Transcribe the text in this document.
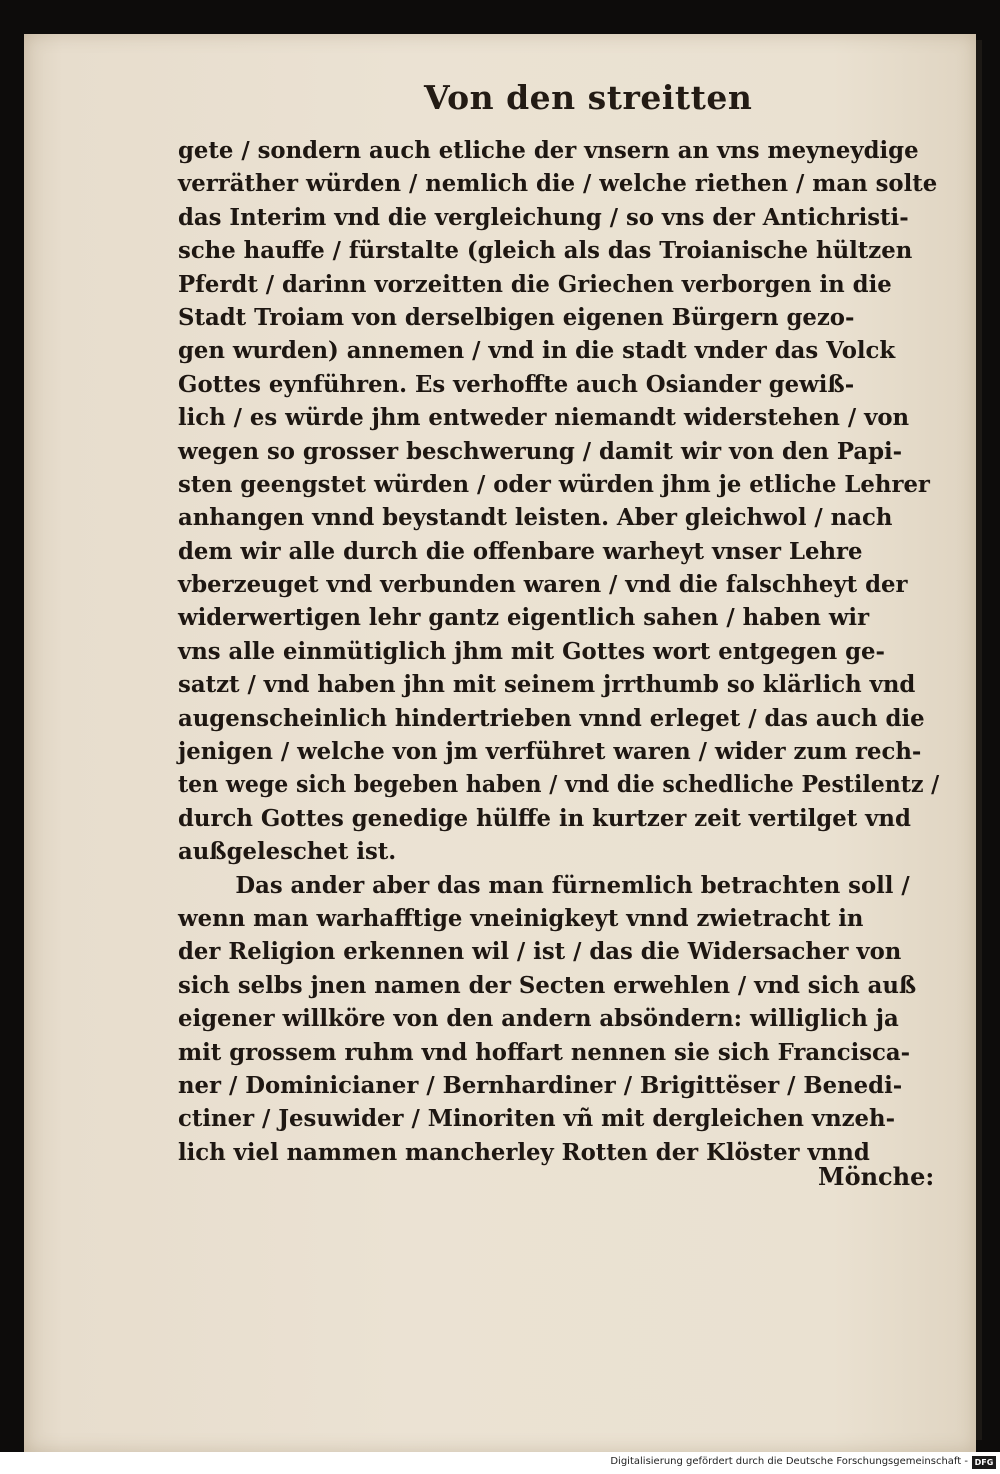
Von den streitten
gete / sondern auch etliche der vnsern an vns meyneydige
verräther würden / nemlich die / welche riethen / man solte
das Interim vnd die vergleichung / so vns der Antichristi-
sche hauffe / fürstalte (gleich als das Troianische hültzen
Pferdt / darinn vorzeitten die Griechen verborgen in die
Stadt Troiam von derselbigen eigenen Bürgern gezo-
gen wurden) annemen / vnd in die stadt vnder das Volck
Gottes eynführen. Es verhoffte auch Osiander gewiß-
lich / es würde jhm entweder niemandt widerstehen / von
wegen so grosser beschwerung / damit wir von den Papi-
sten geengstet würden / oder würden jhm je etliche Lehrer
anhangen vnnd beystandt leisten. Aber gleichwol / nach
dem wir alle durch die offenbare warheyt vnser Lehre
vberzeuget vnd verbunden waren / vnd die falschheyt der
widerwertigen lehr gantz eigentlich sahen / haben wir
vns alle einmütiglich jhm mit Gottes wort entgegen ge-
satzt / vnd haben jhn mit seinem jrrthumb so klärlich vnd
augenscheinlich hindertrieben vnnd erleget / das auch die
jenigen / welche von jm verführet waren / wider zum rech-
ten wege sich begeben haben / vnd die schedliche Pestilentz /
durch Gottes genedige hülffe in kurtzer zeit vertilget vnd
außgeleschet ist.
Das ander aber das man fürnemlich betrachten soll /
wenn man warhafftige vneinigkeyt vnnd zwietracht in
der Religion erkennen wil / ist / das die Widersacher von
sich selbs jnen namen der Secten erwehlen / vnd sich auß
eigener willköre von den andern absöndern: williglich ja
mit grossem ruhm vnd hoffart nennen sie sich Francisca-
ner / Dominicianer / Bernhardiner / Brigittëser / Benedi-
ctiner / Jesuwider / Minoriten vñ mit dergleichen vnzeh-
lich viel nammen mancherley Rotten der Klöster vnnd
Mönche:
Digitalisierung gefördert durch die Deutsche Forschungsgemeinschaft - DFG
